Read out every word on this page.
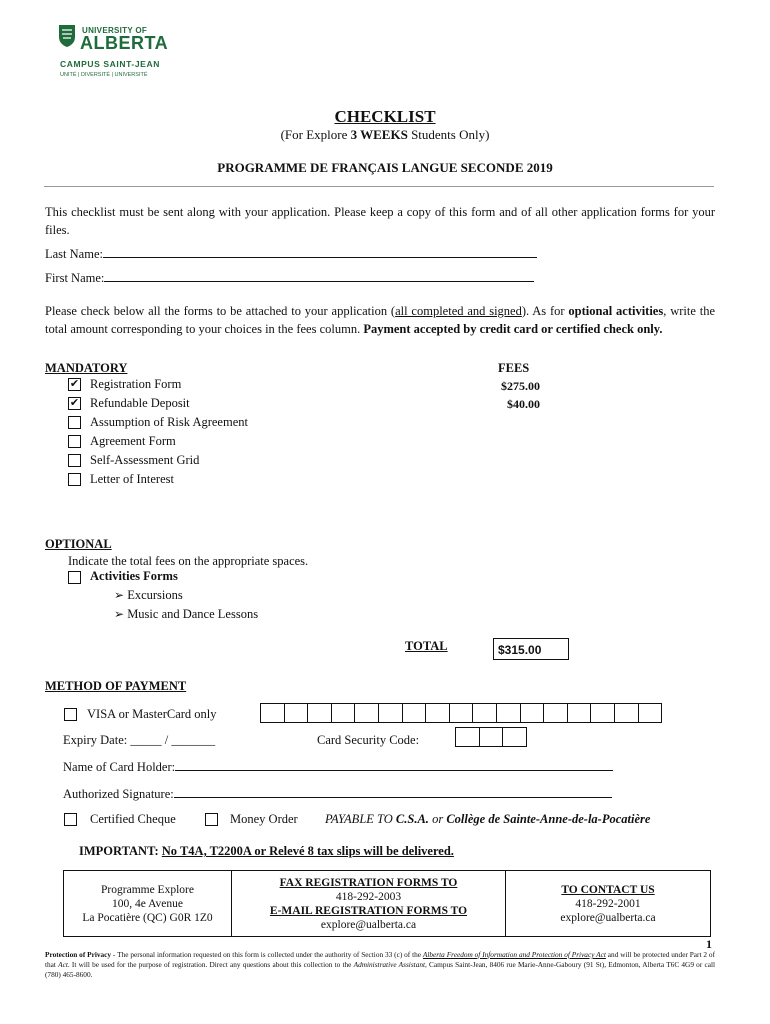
UNIVERSITY OF
ALBERTA
CAMPUS SAINT-JEAN
UNITÉ | DIVERSITÉ | UNIVERSITÉ
CHECKLIST
(For Explore 3 WEEKS Students Only)
PROGRAMME DE FRANÇAIS LANGUE SECONDE 2019
This checklist must be sent along with your application. Please keep a copy of this form and of all other application forms for your files.
Last Name:
First Name:
Please check below all the forms to be attached to your application (all completed and signed). As for optional activities, write the total amount corresponding to your choices in the fees column. Payment accepted by credit card or certified check only.
MANDATORY	FEES
✔ Registration Form	$275.00
✔ Refundable Deposit	$40.00
Assumption of Risk Agreement
Agreement Form
Self-Assessment Grid
Letter of Interest
OPTIONAL
Indicate the total fees on the appropriate spaces.
Activities Forms
➢ Excursions
➢ Music and Dance Lessons
TOTAL	$315.00
METHOD OF PAYMENT
VISA or MasterCard only
Expiry Date: _____ / _______	Card Security Code:
Name of Card Holder:
Authorized Signature:
Certified Cheque	Money Order PAYABLE TO C.S.A. or Collège de Sainte-Anne-de-la-Pocatière
IMPORTANT: No T4A, T2200A or Relevé 8 tax slips will be delivered.
Programme Explore
100, 4e Avenue
La Pocatière (QC) G0R 1Z0
FAX REGISTRATION FORMS TO
418-292-2003
E-MAIL REGISTRATION FORMS TO
explore@ualberta.ca
TO CONTACT US
418-292-2001
explore@ualberta.ca
1
Protection of Privacy - The personal information requested on this form is collected under the authority of Section 33 (c) of the Alberta Freedom of Information and Protection of Privacy Act and will be protected under Part 2 of that Act. It will be used for the purpose of registration. Direct any questions about this collection to the Administrative Assistant, Campus Saint-Jean, 8406 rue Marie-Anne-Gaboury (91 St), Edmonton, Alberta T6C 4G9 or call (780) 465-8600.
